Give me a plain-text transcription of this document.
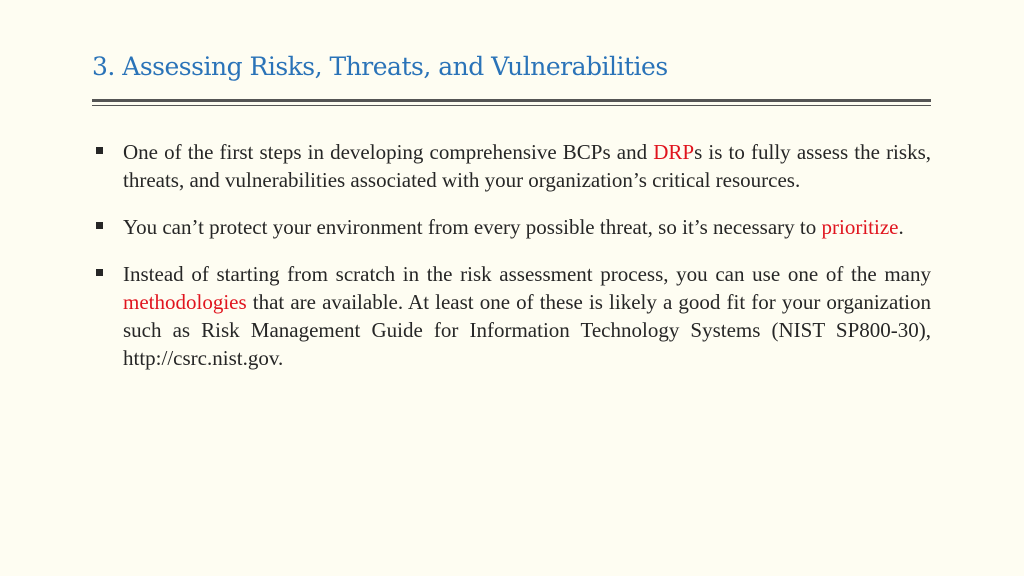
3. Assessing Risks, Threats, and Vulnerabilities
One of the first steps in developing comprehensive BCPs and DRPs is to fully assess the risks, threats, and vulnerabilities associated with your organization’s critical resources.
You can’t protect your environment from every possible threat, so it’s necessary to prioritize.
Instead of starting from scratch in the risk assessment process, you can use one of the many methodologies that are available. At least one of these is likely a good fit for your organization such as Risk Management Guide for Information Technology Systems (NIST SP800-30), http://csrc.nist.gov.
